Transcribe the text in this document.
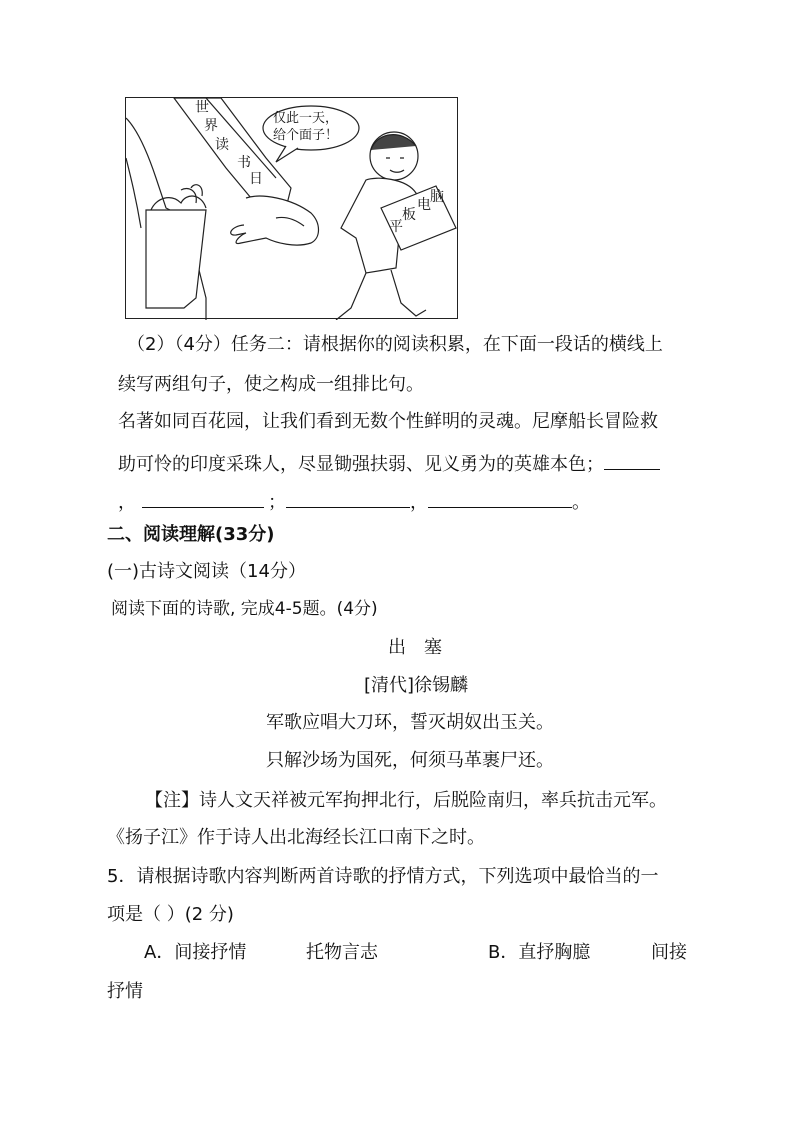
世
界
读
书
日
仅此一天，
给个面子！
平
板
电 脑
（2）（4分）任务二：请根据你的阅读积累，在下面一段话的横线上
续写两组句子，使之构成一组排比句。
名著如同百花园，让我们看到无数个性鲜明的灵魂。尼摩船长冒险救
助可怜的印度采珠人，尽显锄强扶弱、见义勇为的英雄本色；
，	；	，	。
二、阅读理解(33分)
(一)古诗文阅读（14分）
阅读下面的诗歌, 完成4-5题。(4分)
出　塞
[清代]徐锡麟
军歌应唱大刀环，誓灭胡奴出玉关。
只解沙场为国死，何须马革裹尸还。
【注】诗人文天祥被元军拘押北行，后脱险南归，率兵抗击元军。
《扬子江》作于诗人出北海经长江口南下之时。
5．请根据诗歌内容判断两首诗歌的抒情方式，下列选项中最恰当的一
项是（ ）(2 分)
A．间接抒情	托物言志	B．直抒胸臆	间接
抒情
